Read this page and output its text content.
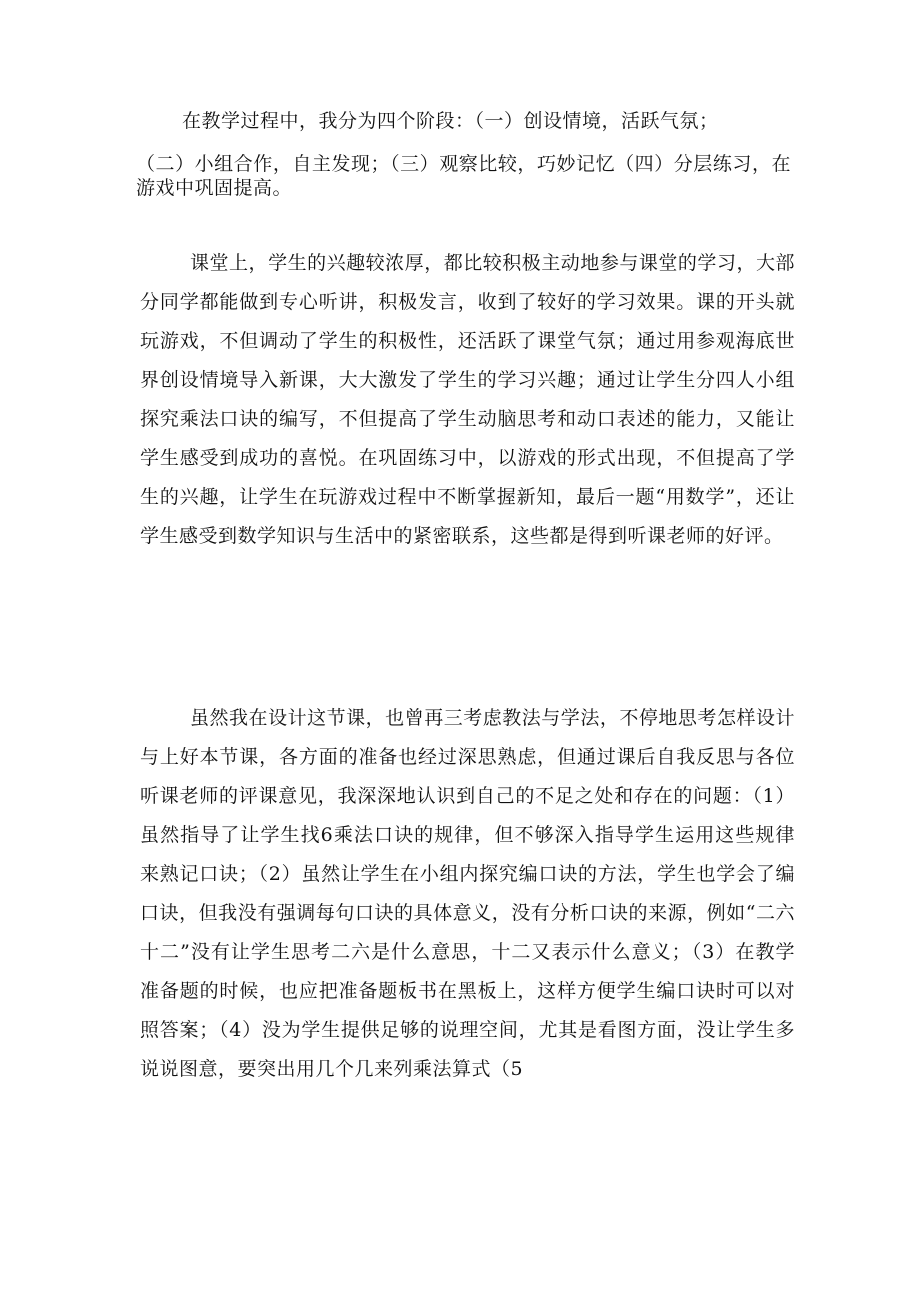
在教学过程中，我分为四个阶段：（一）创设情境，活跃气氛；

（二）小组合作，自主发现；（三）观察比较，巧妙记忆（四）分层练习，在游戏中巩固提高。

课堂上，学生的兴趣较浓厚，都比较积极主动地参与课堂的学习，大部分同学都能做到专心听讲，积极发言，收到了较好的学习效果。课的开头就玩游戏，不但调动了学生的积极性，还活跃了课堂气氛；通过用参观海底世界创设情境导入新课，大大激发了学生的学习兴趣；通过让学生分四人小组探究乘法口诀的编写，不但提高了学生动脑思考和动口表述的能力，又能让学生感受到成功的喜悦。在巩固练习中，以游戏的形式出现，不但提高了学生的兴趣，让学生在玩游戏过程中不断掌握新知，最后一题“用数学”，还让学生感受到数学知识与生活中的紧密联系，这些都是得到听课老师的好评。

虽然我在设计这节课，也曾再三考虑教法与学法，不停地思考怎样设计与上好本节课，各方面的准备也经过深思熟虑，但通过课后自我反思与各位听课老师的评课意见，我深深地认识到自己的不足之处和存在的问题：（1）虽然指导了让学生找6乘法口诀的规律，但不够深入指导学生运用这些规律来熟记口诀；（2）虽然让学生在小组内探究编口诀的方法，学生也学会了编口诀，但我没有强调每句口诀的具体意义，没有分析口诀的来源，例如“二六十二”没有让学生思考二六是什么意思，十二又表示什么意义；（3）在教学准备题的时候，也应把准备题板书在黑板上，这样方便学生编口诀时可以对照答案；（4）没为学生提供足够的说理空间，尤其是看图方面，没让学生多说说图意，要突出用几个几来列乘法算式（5
